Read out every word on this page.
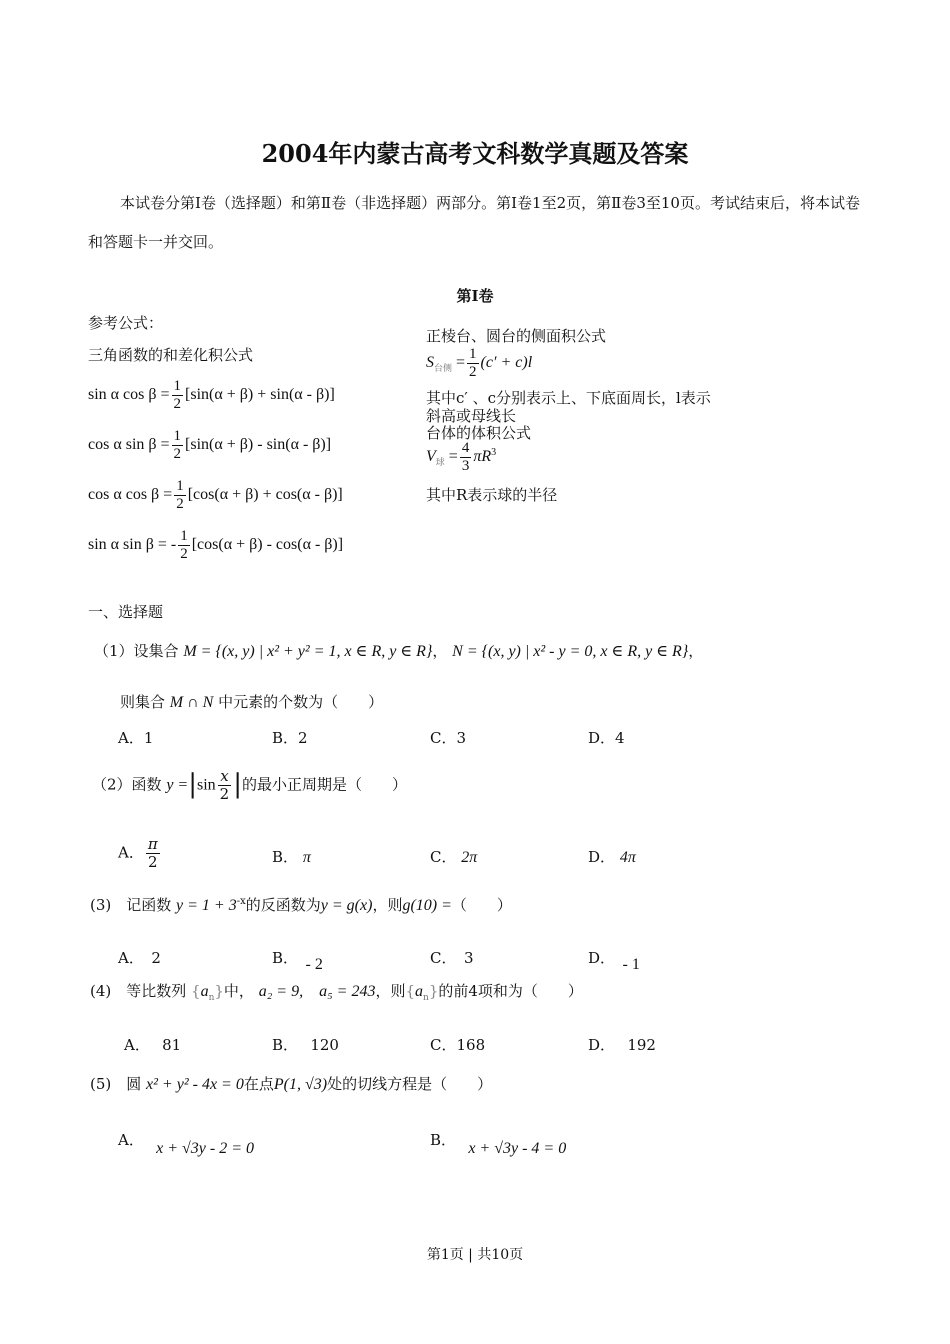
2004年内蒙古高考文科数学真题及答案
本试卷分第Ⅰ卷（选择题）和第Ⅱ卷（非选择题）两部分。第Ⅰ卷1至2页，第Ⅱ卷3至10页。考试结束后，将本试卷和答题卡一并交回。
第Ⅰ卷
参考公式：
三角函数的和差化积公式
sin α $\cos \beta = \frac{1}{2} [\sin(\alpha + \beta) + \sin(\alpha - \beta)]$
cos α $\sin \beta = \frac{1}{2} [\sin(\alpha + \beta) - \sin(\alpha - \beta)]$
cos α $\cos \beta = \frac{1}{2} [\cos(\alpha + \beta) + \cos(\alpha - \beta)]$
sin α sin β = - $\frac{1}{2} [\cos(\alpha + \beta) - \cos(\alpha - \beta)]$
正棱台、圆台的侧面积公式
$S_{台侧} = \frac{1}{2} (c' + c)l$
其中c′ 、c分别表示上、下底面周长，l表示
斜高或母线长
台体的体积公式
$V_球 = \frac{4}{3} \pi R^3$
其中R表示球的半径
一、选择题
（1）设集合 M = {(x, y) | x² + y² = 1, x ∈ R, y ∈ R}， N = {(x, y) | x² - y = 0, x ∈ R, y ∈ R}，
则集合 M ∩ N 中元素的个数为（　　）
A．1	B．2	C．3	D．4
（2）函数 $y =|\sin \frac{x}{2}$ |的最小正周期是（　　）
A． $\frac{\pi}{2}$	B． π	C． 2π	D． 4π
(3)　记函数 $y = 1 + 3^{-x}$的反函数为y = g(x)，则g(10) =（　　）
A．　 2	B．　 - 2	C．　 3	D．　 - 1
(4)　等比数列 $\{a_n\}$中， a₂ = 9,　a₅ = 243，则$\{a_n\}$的前4项和为（　　）
A．　 81	B．　 120	C．168	D．　 192
(5)　圆 x² + y² - 4x = 0在点P(1, √3)处的切线方程是（　　）
A．　 x + √3y - 2 = 0	B．　 x + √3y - 4 = 0
第1页 | 共10页
